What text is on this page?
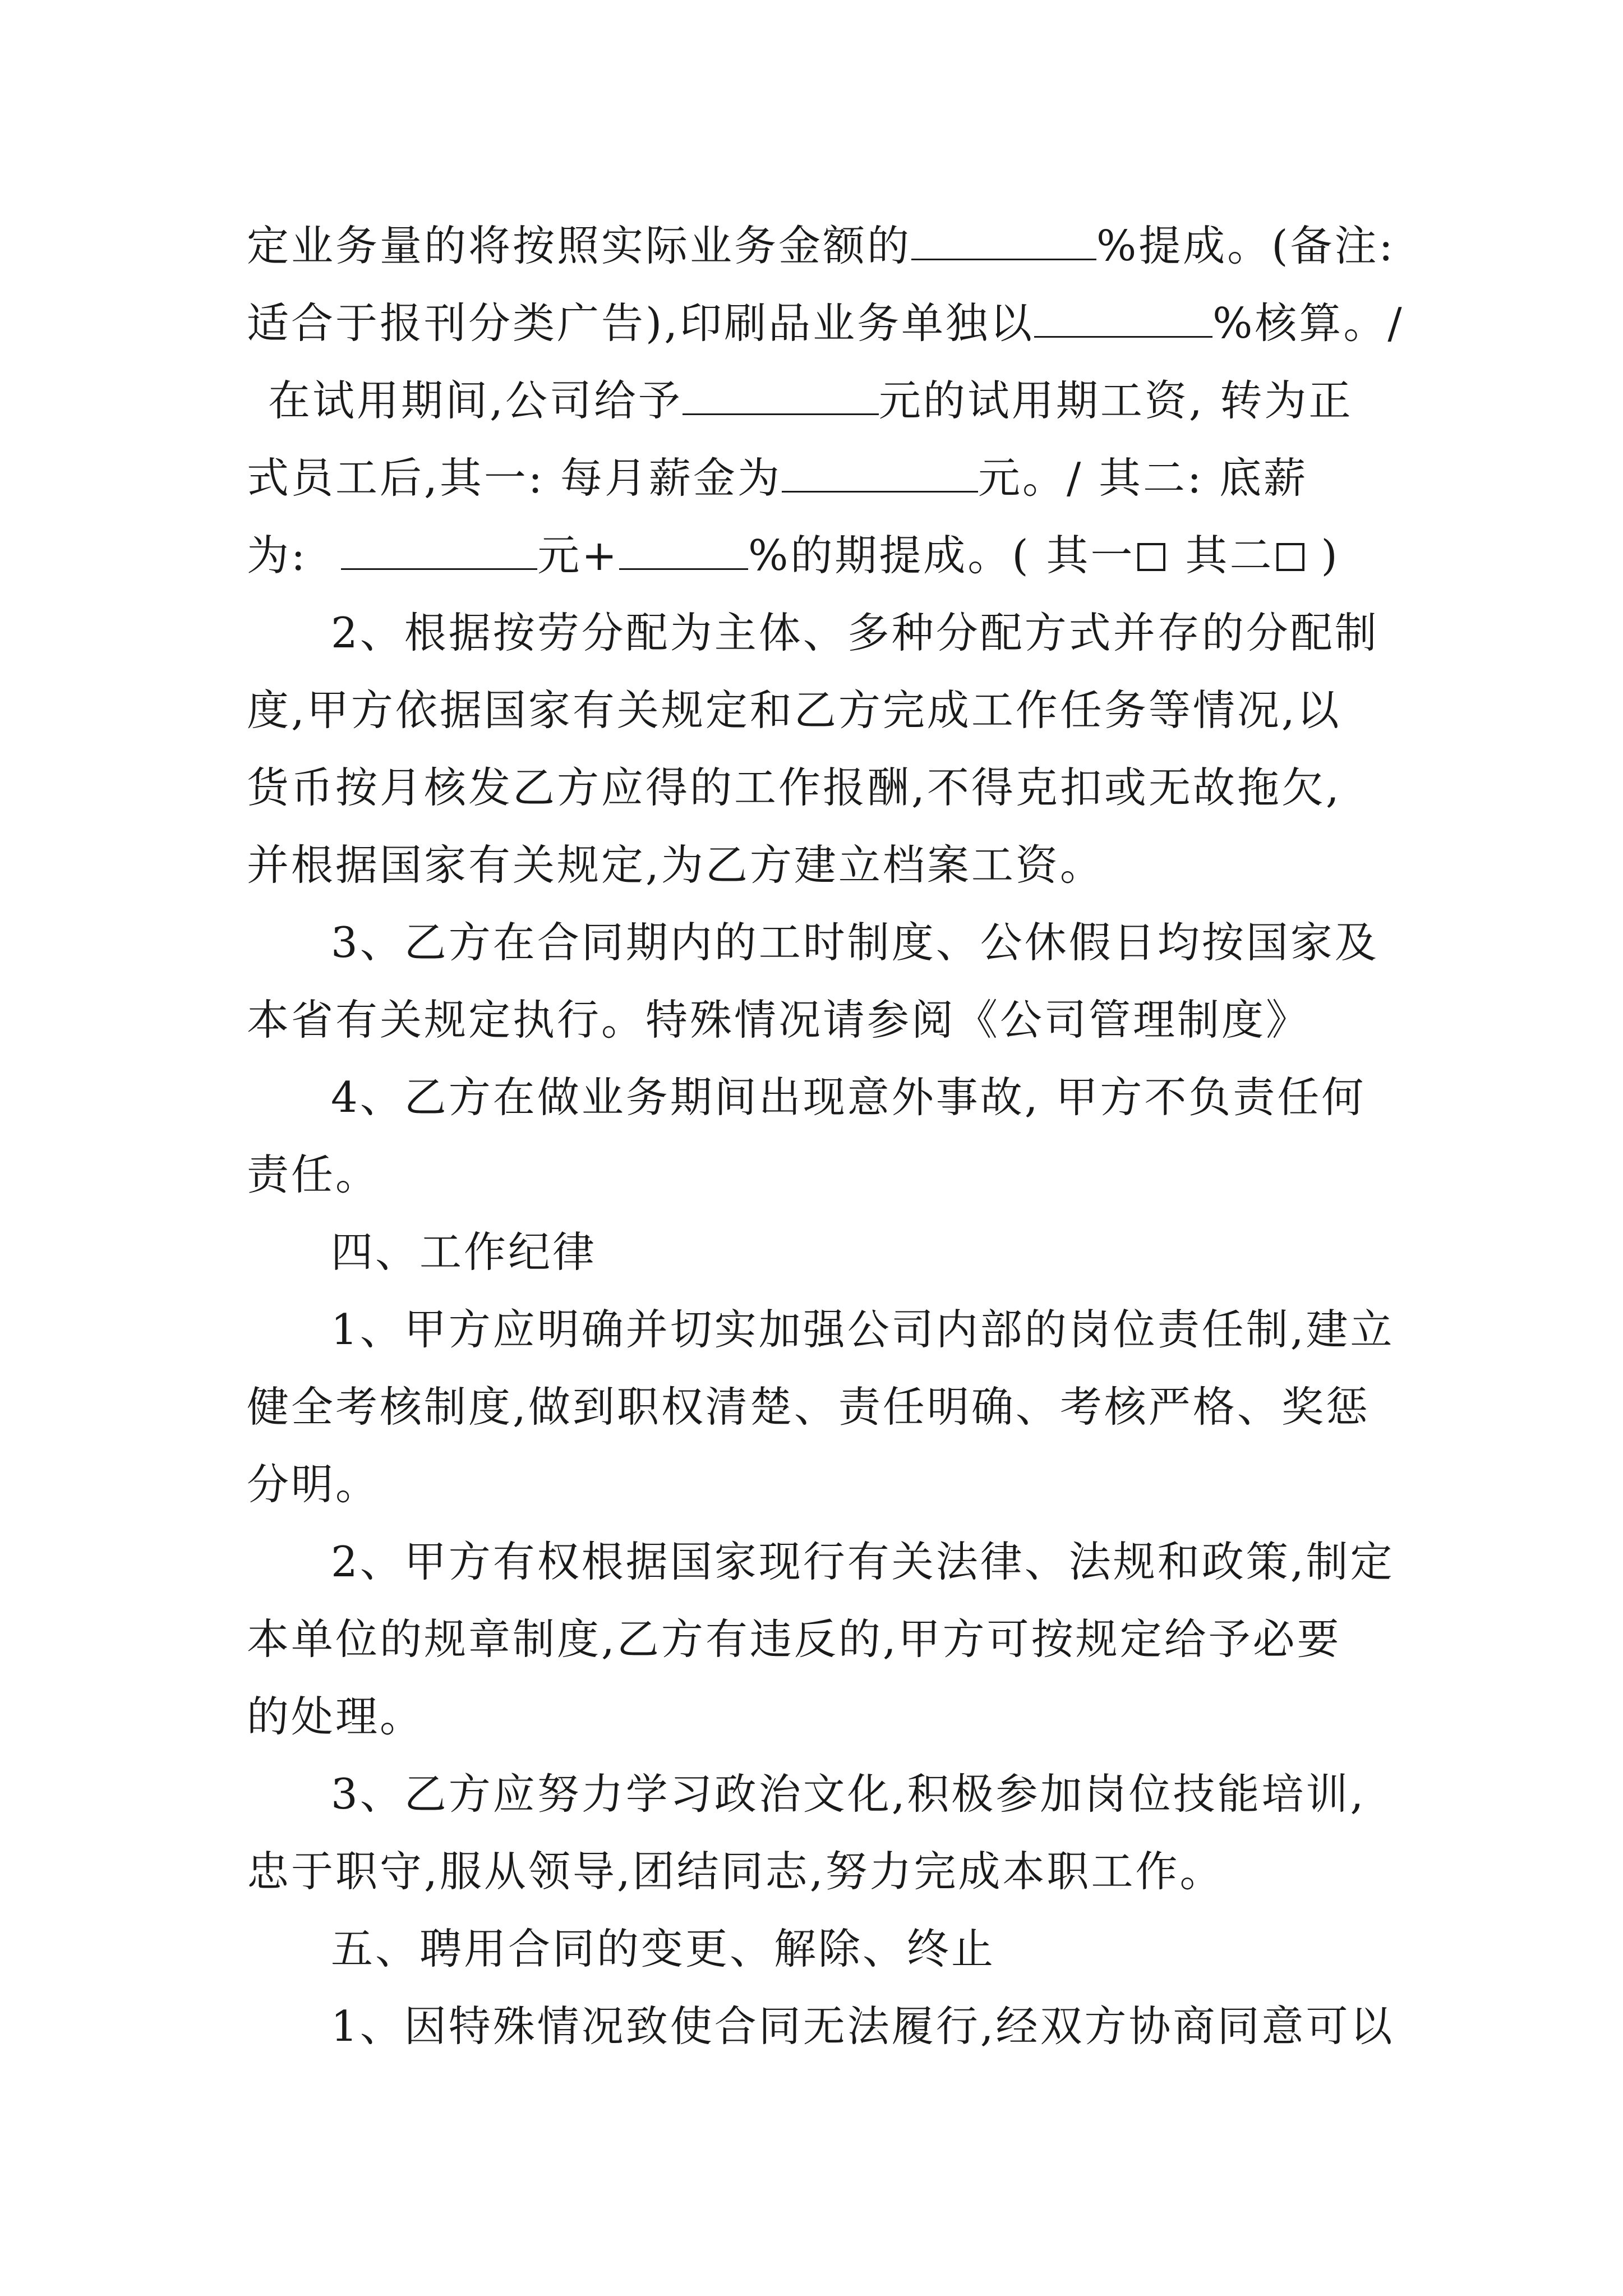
定业务量的将按照实际业务金额的	%提成。(备注:
适合于报刊分类广告),印刷品业务单独以	%核算。/
在试用期间,公司给予	元的试用期工资, 转为正
式员工后,其一: 每月薪金为	元。/ 其二: 底薪
为:	元+	%的期提成。( 其一 其二 )
2、根据按劳分配为主体、多种分配方式并存的分配制
度,甲方依据国家有关规定和乙方完成工作任务等情况,以
货币按月核发乙方应得的工作报酬,不得克扣或无故拖欠,
并根据国家有关规定,为乙方建立档案工资。
3、乙方在合同期内的工时制度、公休假日均按国家及
本省有关规定执行。特殊情况请参阅《公司管理制度》
4、乙方在做业务期间出现意外事故, 甲方不负责任何
责任。
四、工作纪律
1、甲方应明确并切实加强公司内部的岗位责任制,建立
健全考核制度,做到职权清楚、责任明确、考核严格、奖惩
分明。
2、甲方有权根据国家现行有关法律、法规和政策,制定
本单位的规章制度,乙方有违反的,甲方可按规定给予必要
的处理。
3、乙方应努力学习政治文化,积极参加岗位技能培训,
忠于职守,服从领导,团结同志,努力完成本职工作。
五、聘用合同的变更、解除、终止
1、因特殊情况致使合同无法履行,经双方协商同意可以
